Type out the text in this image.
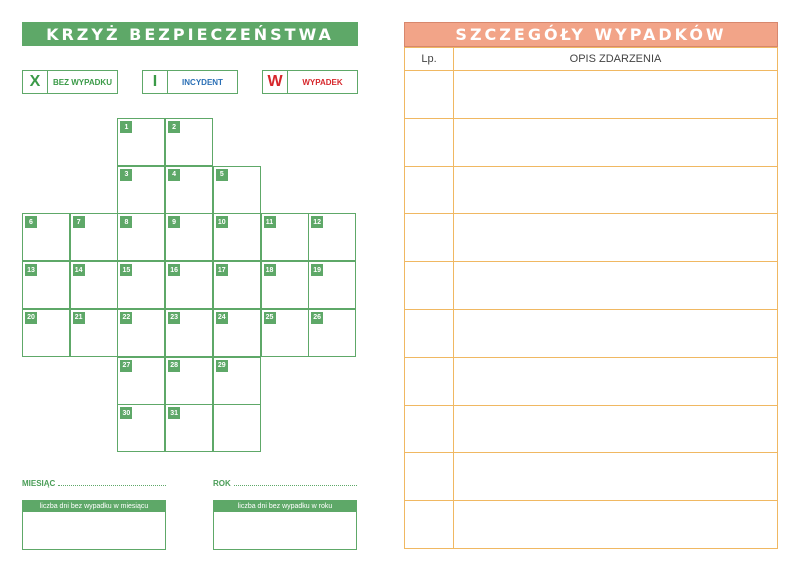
KRZYŻ BEZPIECZEŃSTWA
X	BEZ WYPADKU	I	INCYDENT	W	WYPADEK
1	2
3	4	5
6	7	8	9	10	11	12
13	14	15	16	17	18	19
20	21	22	23	24	25	26
27	28	29
30	31
MIESIĄC	ROK
liczba dni bez wypadku w miesiącu	liczba dni bez wypadku w roku
SZCZEGÓŁY WYPADKÓW
Lp.	OPIS ZDARZENIA
